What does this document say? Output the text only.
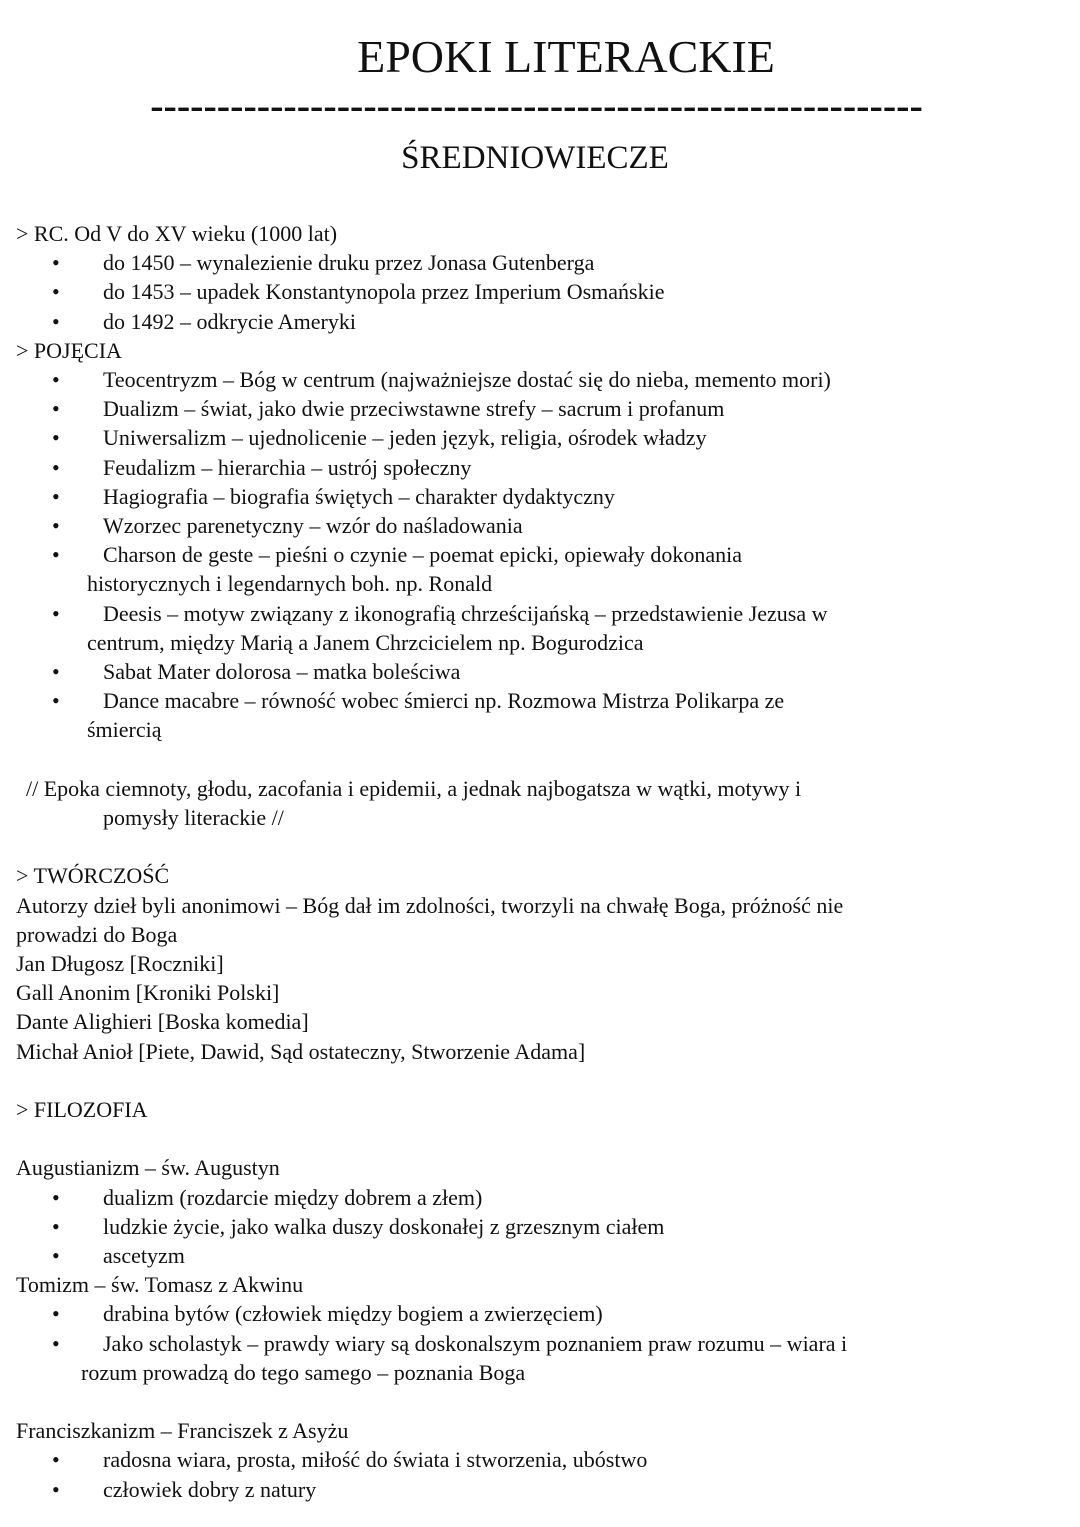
EPOKI LITERACKIE
----------------------------------------------------------
ŚREDNIOWIECZE

> RC. Od V do XV wieku (1000 lat)

• do 1450 – wynalezienie druku przez Jonasa Gutenberga
• do 1453 – upadek Konstantynopola przez Imperium Osmańskie
• do 1492 – odkrycie Ameryki

> POJĘCIA

• Teocentryzm – Bóg w centrum (najważniejsze dostać się do nieba, memento mori)
• Dualizm – świat, jako dwie przeciwstawne strefy – sacrum i profanum
• Uniwersalizm – ujednolicenie – jeden język, religia, ośrodek władzy
• Feudalizm – hierarchia – ustrój społeczny
• Hagiografia – biografia świętych – charakter dydaktyczny
• Wzorzec parenetyczny – wzór do naśladowania
• Charson de geste – pieśni o czynie – poemat epicki, opiewały dokonania

historycznych i legendarnych boh. np. Ronald

• Deesis – motyw związany z ikonografią chrześcijańską – przedstawienie Jezusa w

centrum, między Marią a Janem Chrzcicielem np. Bogurodzica

• Sabat Mater dolorosa – matka boleściwa
• Dance macabre – równość wobec śmierci np. Rozmowa Mistrza Polikarpa ze

śmiercią

// Epoka ciemnoty, głodu, zacofania i epidemii, a jednak najbogatsza w wątki, motywy i

pomysły literackie //

> TWÓRCZOŚĆ

Autorzy dzieł byli anonimowi – Bóg dał im zdolności, tworzyli na chwałę Boga, próżność nie

prowadzi do Boga

Jan Długosz [Roczniki]

Gall Anonim [Kroniki Polski]

Dante Alighieri [Boska komedia]

Michał Anioł [Piete, Dawid, Sąd ostateczny, Stworzenie Adama]

> FILOZOFIA

Augustianizm – św. Augustyn

• dualizm (rozdarcie między dobrem a złem)
• ludzkie życie, jako walka duszy doskonałej z grzesznym ciałem
• ascetyzm

Tomizm – św. Tomasz z Akwinu

• drabina bytów (człowiek między bogiem a zwierzęciem)
• Jako scholastyk – prawdy wiary są doskonalszym poznaniem praw rozumu – wiara i

rozum prowadzą do tego samego – poznania Boga

Franciszkanizm – Franciszek z Asyżu

• radosna wiara, prosta, miłość do świata i stworzenia, ubóstwo
• człowiek dobry z natury
